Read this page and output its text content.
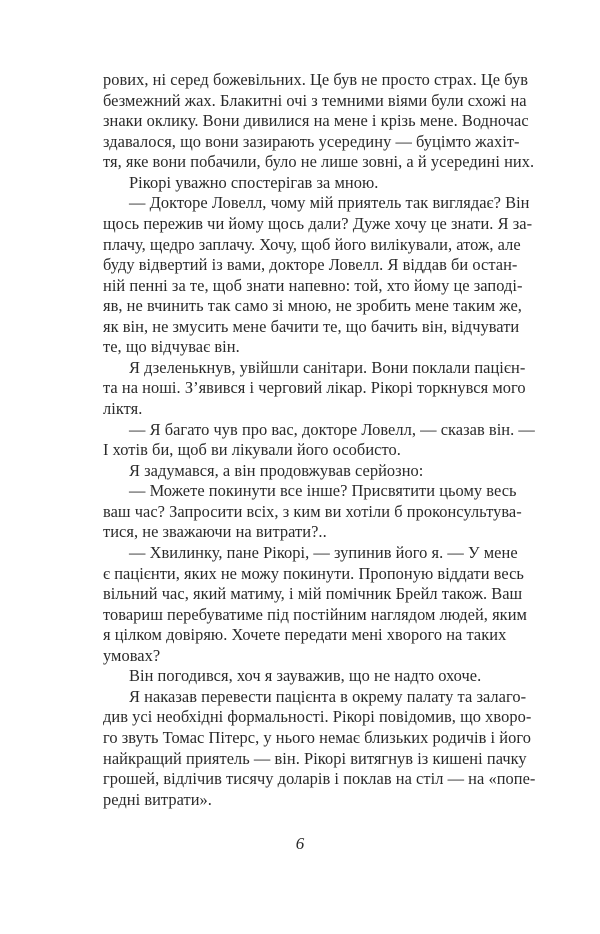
рових, ні серед божевільних. Це був не просто страх. Це був
безмежний жах. Блакитні очі з темними віями були схожі на
знаки оклику. Вони дивилися на мене і крізь мене. Водночас
здавалося, що вони зазирають усередину — буцімто жахіт-
тя, яке вони побачили, було не лише зовні, а й усередині них.
Рікорі уважно спостерігав за мною.
— Докторе Ловелл, чому мій приятель так виглядає? Він
щось пережив чи йому щось дали? Дуже хочу це знати. Я за-
плачу, щедро заплачу. Хочу, щоб його вилікували, атож, але
буду відвертий із вами, докторе Ловелл. Я віддав би остан-
ній пенні за те, щоб знати напевно: той, хто йому це заподі-
яв, не вчинить так само зі мною, не зробить мене таким же,
як він, не змусить мене бачити те, що бачить він, відчувати
те, що відчуває він.
Я дзеленькнув, увійшли санітари. Вони поклали пацієн-
та на ноші. З’явився і черговий лікар. Рікорі торкнувся мого
ліктя.
— Я багато чув про вас, докторе Ловелл, — сказав він. —
І хотів би, щоб ви лікували його особисто.
Я задумався, а він продовжував серйозно:
— Можете покинути все інше? Присвятити цьому весь
ваш час? Запросити всіх, з ким ви хотіли б проконсультува-
тися, не зважаючи на витрати?..
— Хвилинку, пане Рікорі, — зупинив його я. — У мене
є пацієнти, яких не можу покинути. Пропоную віддати весь
вільний час, який матиму, і мій помічник Брейл також. Ваш
товариш перебуватиме під постійним наглядом людей, яким
я цілком довіряю. Хочете передати мені хворого на таких
умовах?
Він погодився, хоч я зауважив, що не надто охоче.
Я наказав перевести пацієнта в окрему палату та залаго-
див усі необхідні формальності. Рікорі повідомив, що хворо-
го звуть Томас Пітерс, у нього немає близьких родичів і його
найкращий приятель — він. Рікорі витягнув із кишені пачку
грошей, відлічив тисячу доларів і поклав на стіл — на «попе-
редні витрати».
6
